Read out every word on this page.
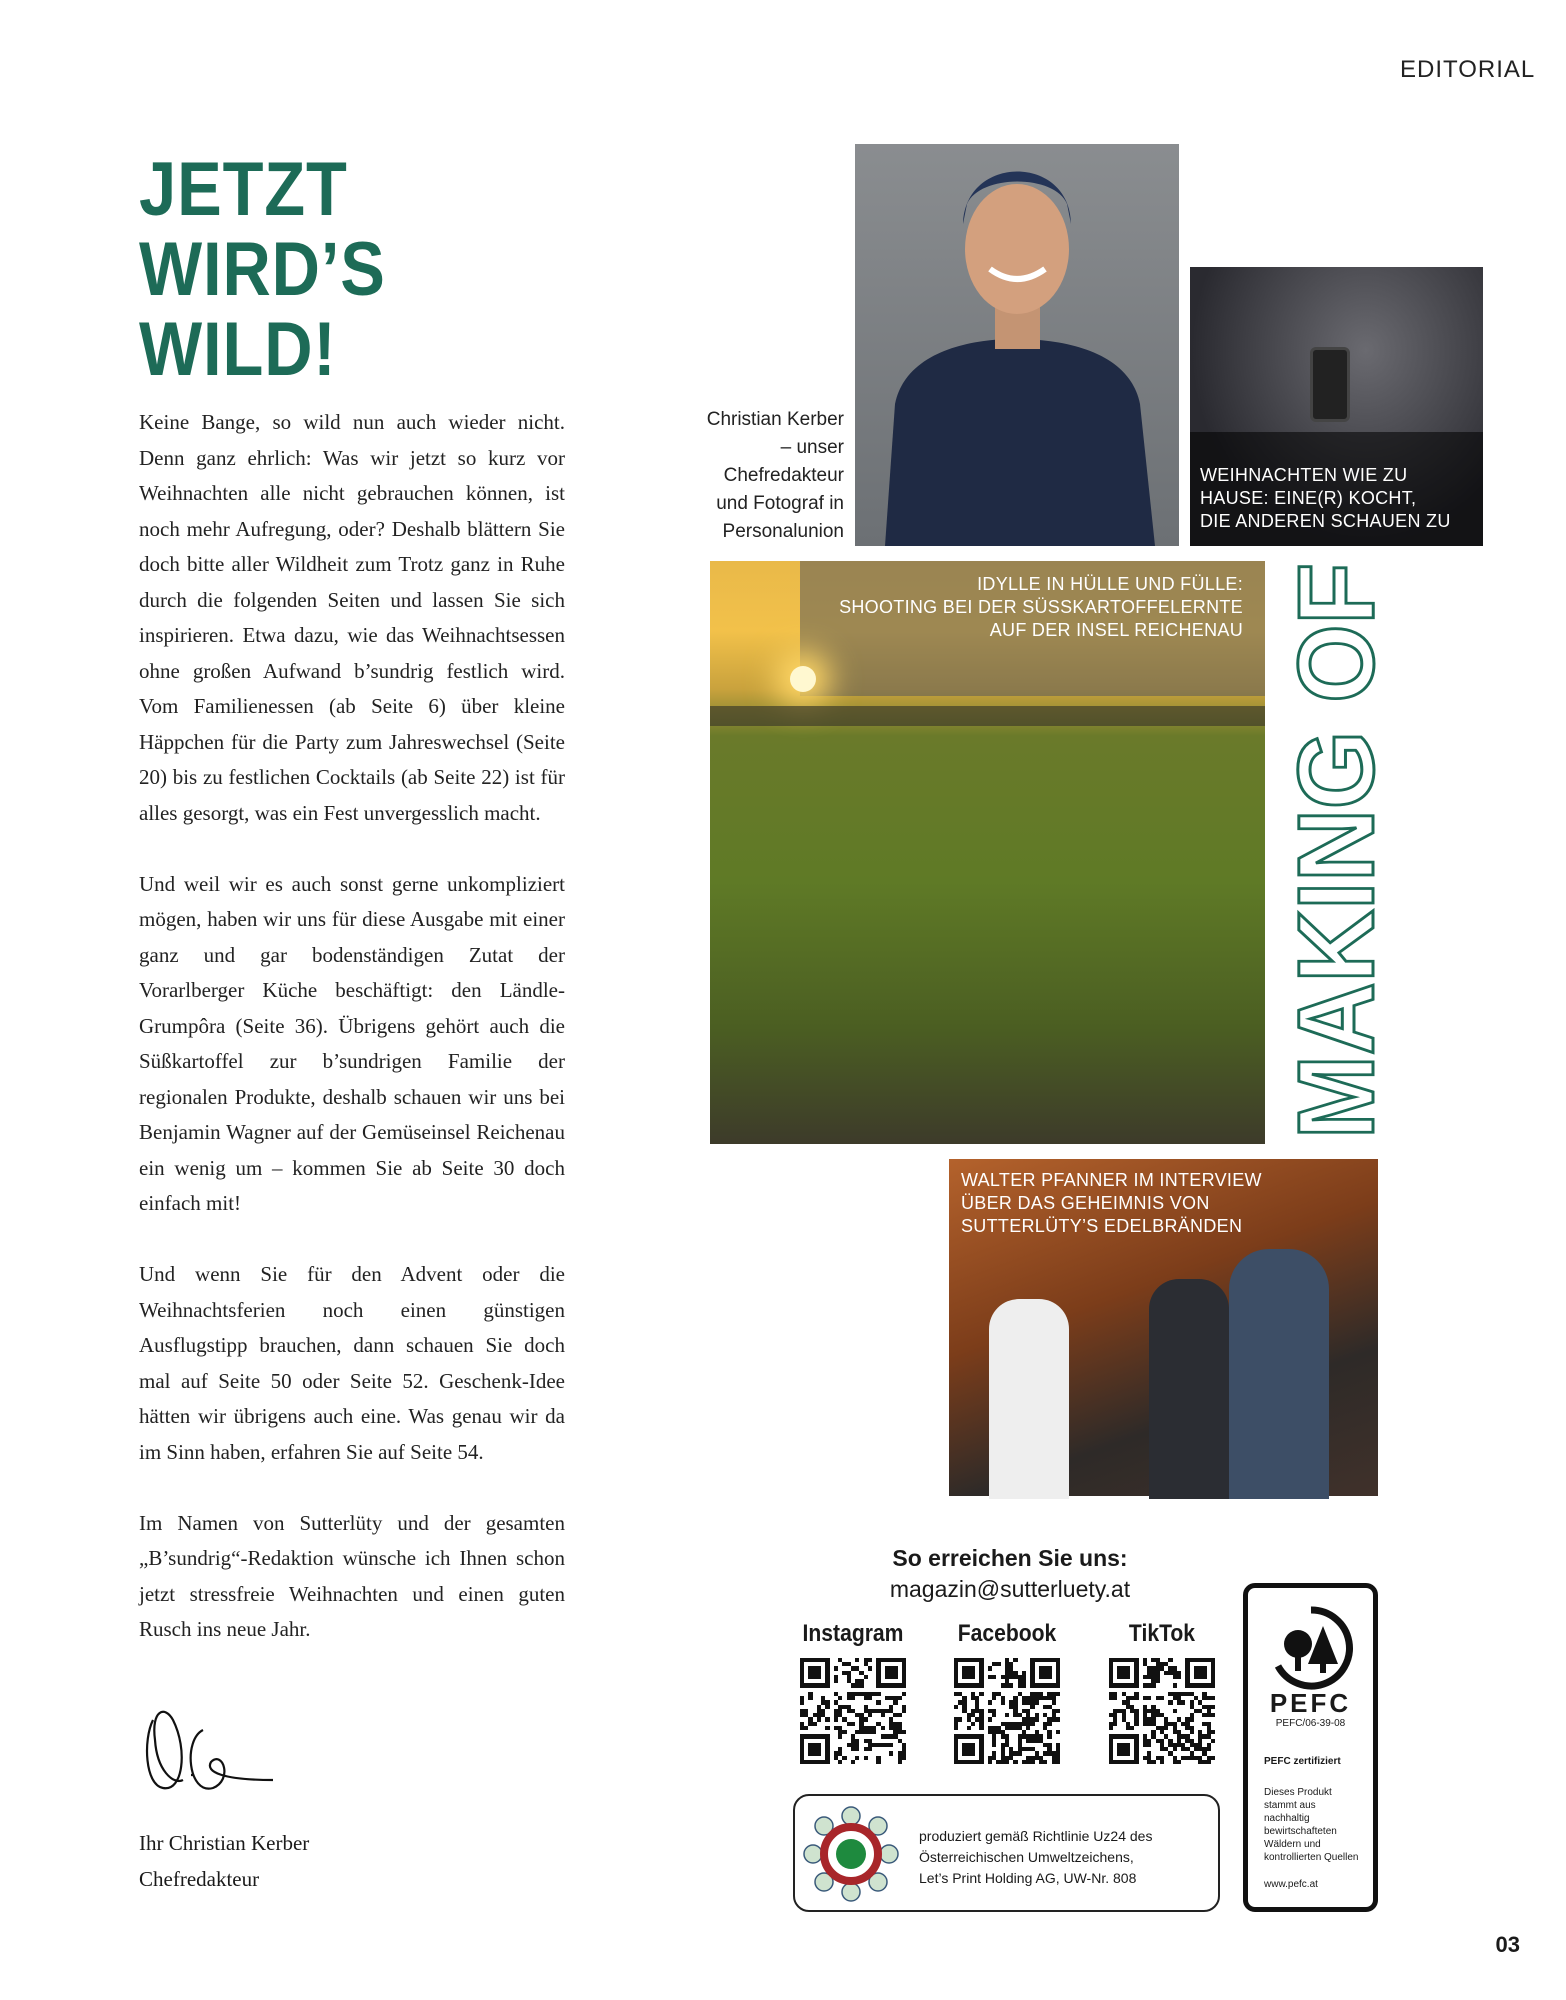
EDITORIAL
JETZT
WIRD’S
WILD!

Keine Bange, so wild nun auch wieder nicht. Denn ganz ehrlich: Was wir jetzt so kurz vor Weihnachten alle nicht gebrauchen können, ist noch mehr Aufregung, oder? Deshalb blättern Sie doch bitte aller Wildheit zum Trotz ganz in Ruhe durch die folgenden Seiten und lassen Sie sich inspirieren. Etwa dazu, wie das Weihnachtsessen ohne großen Aufwand b’sundrig festlich wird. Vom Familienessen (ab Seite 6) über kleine Häppchen für die Party zum Jahreswechsel (Seite 20) bis zu festlichen Cocktails (ab Seite 22) ist für alles gesorgt, was ein Fest unvergesslich macht.

Und weil wir es auch sonst gerne unkompliziert mögen, haben wir uns für diese Ausgabe mit einer ganz und gar bodenständigen Zutat der Vorarlberger Küche beschäftigt: den Ländle-Grumpôra (Seite 36). Übrigens gehört auch die Süßkartoffel zur b’sundrigen Familie der regionalen Produkte, deshalb schauen wir uns bei Benjamin Wagner auf der Gemüseinsel Reichenau ein wenig um – kommen Sie ab Seite 30 doch einfach mit!

Und wenn Sie für den Advent oder die Weihnachtsferien noch einen günstigen Ausflugstipp brauchen, dann schauen Sie doch mal auf Seite 50 oder Seite 52. Geschenk-Idee hätten wir übrigens auch eine. Was genau wir da im Sinn haben, erfahren Sie auf Seite 54.

Im Namen von Sutterlüty und der gesamten „B’sundrig“-Redaktion wünsche ich Ihnen schon jetzt stressfreie Weihnachten und einen guten Rusch ins neue Jahr.

Ihr Christian Kerber
Chefredakteur
Christian Kerber – unser Chefredakteur und Fotograf in Personalunion
WEIHNACHTEN WIE ZU
HAUSE: EINE(R) KOCHT,
DIE ANDEREN SCHAUEN ZU
IDYLLE IN HÜLLE UND FÜLLE:
SHOOTING BEI DER SÜSSKARTOFFELERNTE
AUF DER INSEL REICHENAU MAKING OF
WALTER PFANNER IM INTERVIEW
ÜBER DAS GEHEIMNIS VON
SUTTERLÜTY’S EDELBRÄNDEN
So erreichen Sie uns:
magazin@sutterluety.at
Instagram	Facebook	TikTok
produziert gemäß Richtlinie Uz24 des
Österreichischen Umweltzeichens,
Let’s Print Holding AG, UW-Nr. 808
PEFC
PEFC/06-39-08
PEFC zertifiziert
Dieses Produkt
stammt aus
nachhaltig
bewirtschafteten
Wäldern und
kontrollierten Quellen
www.pefc.at
03
